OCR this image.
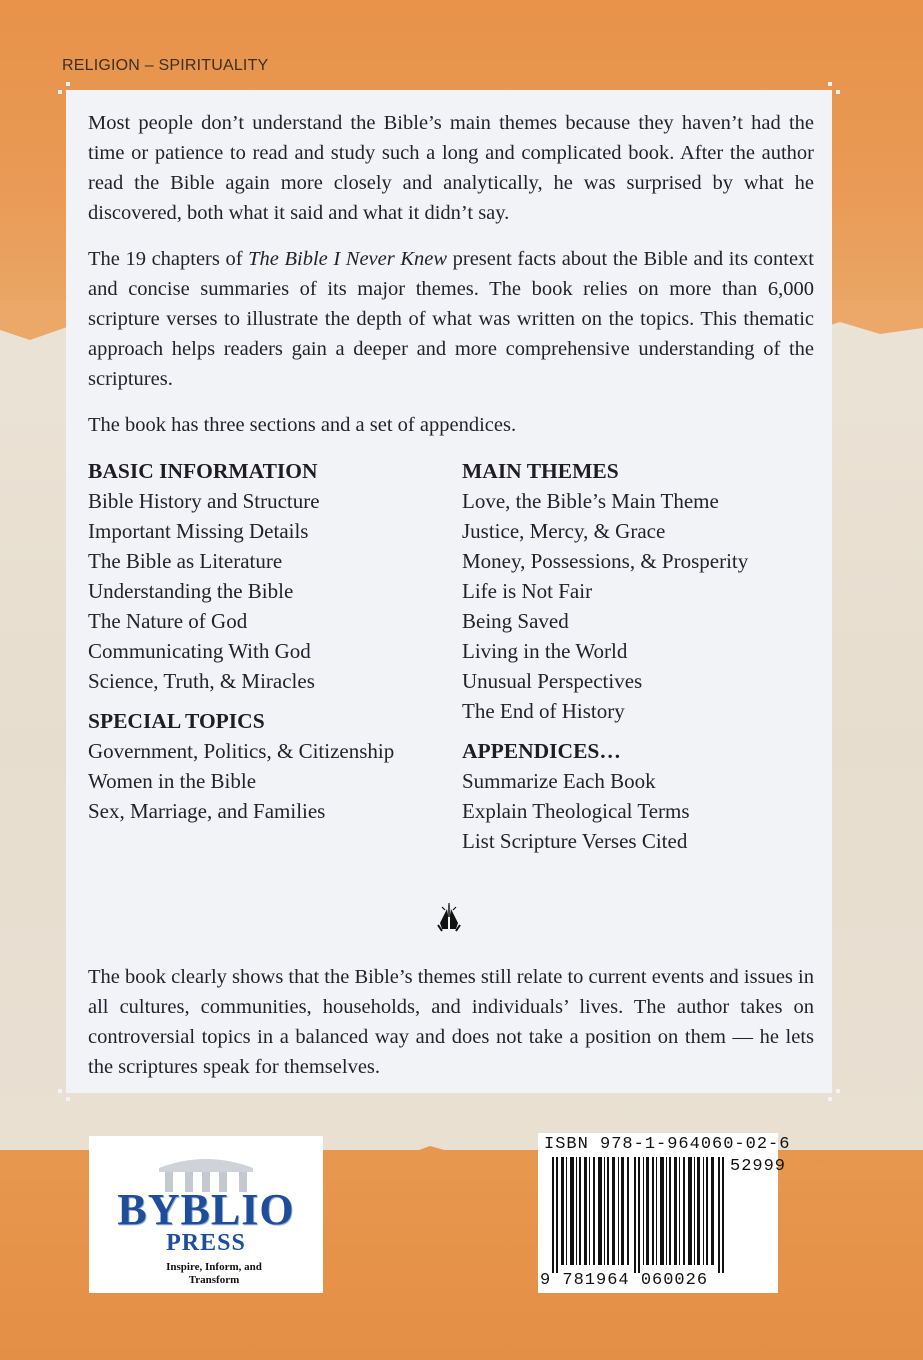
RELIGION – SPIRITUALITY

Most people don’t understand the Bible’s main themes because they haven’t had the time or patience to read and study such a long and complicated book. After the author read the Bible again more closely and analytically, he was surprised by what he discovered, both what it said and what it didn’t say.

The 19 chapters of The Bible I Never Knew present facts about the Bible and its context and concise summaries of its major themes. The book relies on more than 6,000 scripture verses to illustrate the depth of what was written on the topics. This thematic approach helps readers gain a deeper and more comprehensive understanding of the scriptures.

The book has three sections and a set of appendices.

BASIC INFORMATION
Bible History and Structure
Important Missing Details
The Bible as Literature
Understanding the Bible
The Nature of God
Communicating With God
Science, Truth, & Miracles
SPECIAL TOPICS
Government, Politics, & Citizenship
Women in the Bible
Sex, Marriage, and Families
MAIN THEMES
Love, the Bible’s Main Theme
Justice, Mercy, & Grace
Money, Possessions, & Prosperity
Life is Not Fair
Being Saved
Living in the World
Unusual Perspectives
The End of History
APPENDICES…
Summarize Each Book
Explain Theological Terms
List Scripture Verses Cited
The book clearly shows that the Bible’s themes still relate to current events and issues in all cultures, communities, households, and individuals’ lives. The author takes on controversial topics in a balanced way and does not take a position on them — he lets the scriptures speak for themselves.
BYBLIO
PRESS
Inspire, Inform, and Transform
ISBN 978-1-964060-02-6
52999
9 781964 060026
